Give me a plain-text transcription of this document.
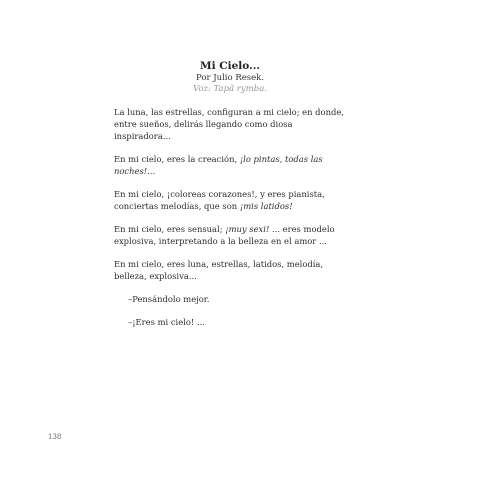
Mi Cielo...
Por Julio Resek.
Voz: Tapã rymba.

La luna, las estrellas, configuran a mi cielo; en donde, entre sueños, delirás llegando como diosa inspiradora...

En mi cielo, eres la creación, ¡lo pintas, todas las noches!...

En mi cielo, ¡coloreas corazones!, y eres pianista, conciertas melodías, que son ¡mis latidos!

En mi cielo, eres sensual; ¡muy sexi! ... eres modelo explosiva, interpretando a la belleza en el amor ...

En mi cielo, eres luna, estrellas, latidos, melodía, belleza, explosiva...

–Pensándolo mejor.

–¡Eres mi cielo! ...

138
